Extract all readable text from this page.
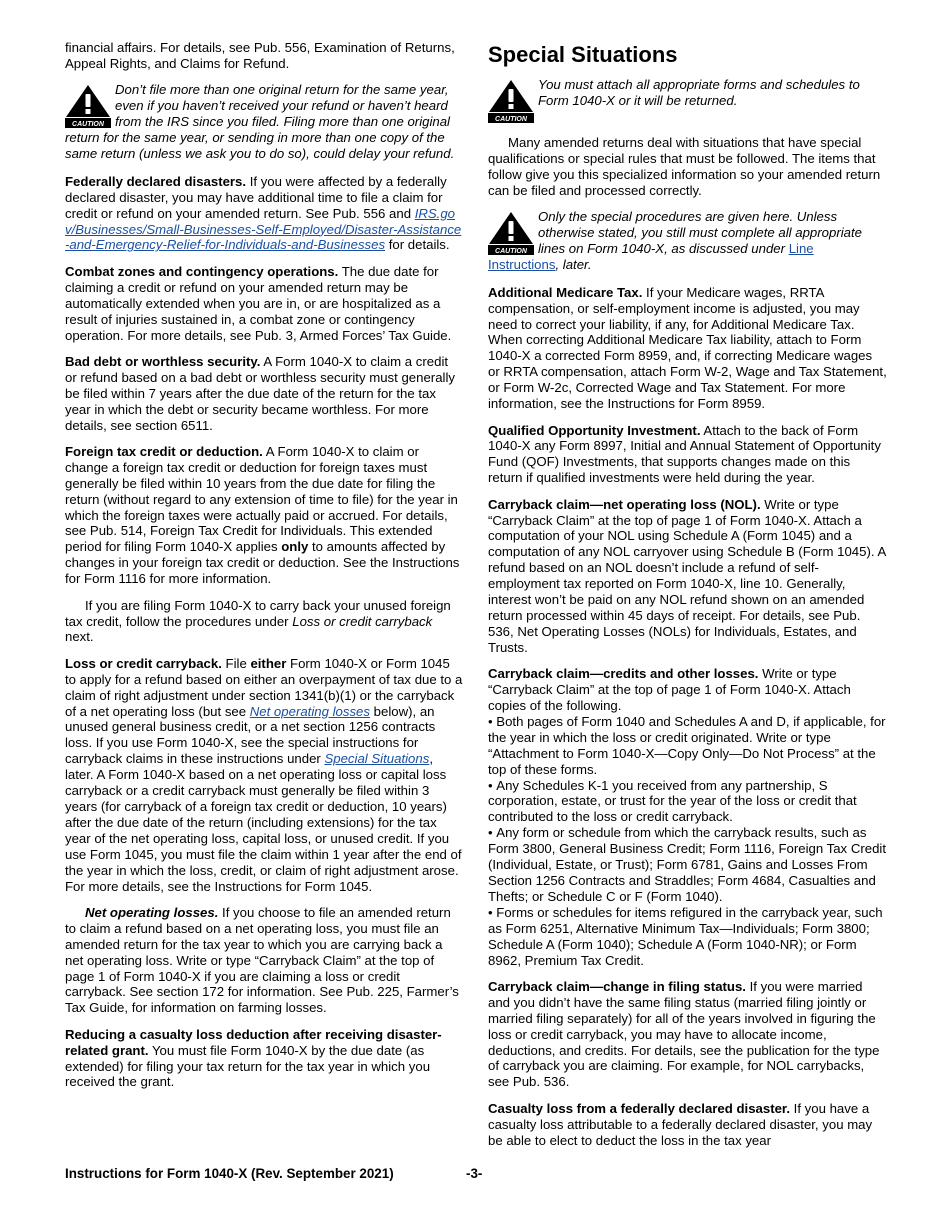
financial affairs. For details, see Pub. 556, Examination of Returns, Appeal Rights, and Claims for Refund.

CAUTION
Don’t file more than one original return for the same year, even if you haven’t received your refund or haven’t heard from the IRS since you filed. Filing more than one original return for the same year, or sending in more than one copy of the same return (unless we ask you to do so), could delay your refund.

Federally declared disasters. If you were affected by a federally declared disaster, you may have additional time to file a claim for credit or refund on your amended return. See Pub. 556 and IRS.gov/Businesses/Small-Businesses-Self-Employed/Disaster-Assistance-and-Emergency-Relief-for-Individuals-and-Businesses for details.

Combat zones and contingency operations. The due date for claiming a credit or refund on your amended return may be automatically extended when you are in, or are hospitalized as a result of injuries sustained in, a combat zone or contingency operation. For more details, see Pub. 3, Armed Forces’ Tax Guide.

Bad debt or worthless security. A Form 1040-X to claim a credit or refund based on a bad debt or worthless security must generally be filed within 7 years after the due date of the return for the tax year in which the debt or security became worthless. For more details, see section 6511.

Foreign tax credit or deduction. A Form 1040-X to claim or change a foreign tax credit or deduction for foreign taxes must generally be filed within 10 years from the due date for filing the return (without regard to any extension of time to file) for the year in which the foreign taxes were actually paid or accrued. For details, see Pub. 514, Foreign Tax Credit for Individuals. This extended period for filing Form 1040-X applies only to amounts affected by changes in your foreign tax credit or deduction. See the Instructions for Form 1116 for more information.

If you are filing Form 1040-X to carry back your unused foreign tax credit, follow the procedures under Loss or credit carryback next.

Loss or credit carryback. File either Form 1040-X or Form 1045 to apply for a refund based on either an overpayment of tax due to a claim of right adjustment under section 1341(b)(1) or the carryback of a net operating loss (but see Net operating losses below), an unused general business credit, or a net section 1256 contracts loss. If you use Form 1040-X, see the special instructions for carryback claims in these instructions under Special Situations, later. A Form 1040-X based on a net operating loss or capital loss carryback or a credit carryback must generally be filed within 3 years (for carryback of a foreign tax credit or deduction, 10 years) after the due date of the return (including extensions) for the tax year of the net operating loss, capital loss, or unused credit. If you use Form 1045, you must file the claim within 1 year after the end of the year in which the loss, credit, or claim of right adjustment arose. For more details, see the Instructions for Form 1045.

Net operating losses. If you choose to file an amended return to claim a refund based on a net operating loss, you must file an amended return for the tax year to which you are carrying back a net operating loss. Write or type “Carryback Claim” at the top of page 1 of Form 1040-X if you are claiming a loss or credit carryback. See section 172 for information. See Pub. 225, Farmer’s Tax Guide, for information on farming losses.

Reducing a casualty loss deduction after receiving disaster-related grant. You must file Form 1040-X by the due date (as extended) for filing your tax return for the tax year in which you received the grant.

Special Situations
CAUTION
You must attach all appropriate forms and schedules to Form 1040-X or it will be returned.

Many amended returns deal with situations that have special qualifications or special rules that must be followed. The items that follow give you this specialized information so your amended return can be filed and processed correctly.

CAUTION
Only the special procedures are given here. Unless otherwise stated, you still must complete all appropriate lines on Form 1040-X, as discussed under Line Instructions, later.

Additional Medicare Tax. If your Medicare wages, RRTA compensation, or self-employment income is adjusted, you may need to correct your liability, if any, for Additional Medicare Tax. When correcting Additional Medicare Tax liability, attach to Form 1040-X a corrected Form 8959, and, if correcting Medicare wages or RRTA compensation, attach Form W-2, Wage and Tax Statement, or Form W-2c, Corrected Wage and Tax Statement. For more information, see the Instructions for Form 8959.

Qualified Opportunity Investment. Attach to the back of Form 1040-X any Form 8997, Initial and Annual Statement of Opportunity Fund (QOF) Investments, that supports changes made on this return if qualified investments were held during the year.

Carryback claim—net operating loss (NOL). Write or type “Carryback Claim” at the top of page 1 of Form 1040-X. Attach a computation of your NOL using Schedule A (Form 1045) and a computation of any NOL carryover using Schedule B (Form 1045). A refund based on an NOL doesn’t include a refund of self-employment tax reported on Form 1040-X, line 10. Generally, interest won’t be paid on any NOL refund shown on an amended return processed within 45 days of receipt. For details, see Pub. 536, Net Operating Losses (NOLs) for Individuals, Estates, and Trusts.

Carryback claim—credits and other losses. Write or type “Carryback Claim” at the top of page 1 of Form 1040-X. Attach copies of the following.

• Both pages of Form 1040 and Schedules A and D, if applicable, for the year in which the loss or credit originated. Write or type “Attachment to Form 1040-X—Copy Only—Do Not Process” at the top of these forms.

• Any Schedules K-1 you received from any partnership, S corporation, estate, or trust for the year of the loss or credit that contributed to the loss or credit carryback.

• Any form or schedule from which the carryback results, such as Form 3800, General Business Credit; Form 1116, Foreign Tax Credit (Individual, Estate, or Trust); Form 6781, Gains and Losses From Section 1256 Contracts and Straddles; Form 4684, Casualties and Thefts; or Schedule C or F (Form 1040).

• Forms or schedules for items refigured in the carryback year, such as Form 6251, Alternative Minimum Tax—Individuals; Form 3800; Schedule A (Form 1040); Schedule A (Form 1040-NR); or Form 8962, Premium Tax Credit.

Carryback claim—change in filing status. If you were married and you didn’t have the same filing status (married filing jointly or married filing separately) for all of the years involved in figuring the loss or credit carryback, you may have to allocate income, deductions, and credits. For details, see the publication for the type of carryback you are claiming. For example, for NOL carrybacks, see Pub. 536.

Casualty loss from a federally declared disaster. If you have a casualty loss attributable to a federally declared disaster, you may be able to elect to deduct the loss in the tax year

Instructions for Form 1040-X (Rev. September 2021)	-3-
